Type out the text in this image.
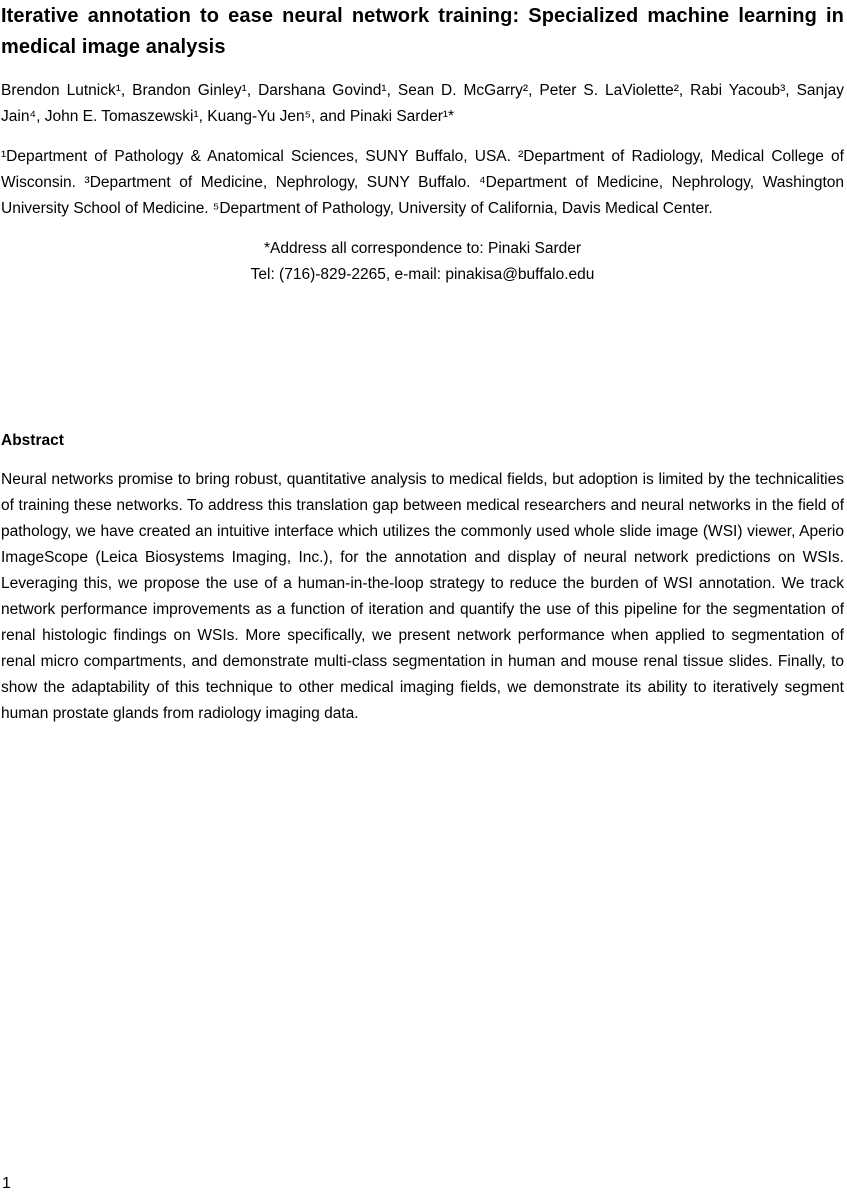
Iterative annotation to ease neural network training: Specialized machine learning in medical image analysis

Brendon Lutnick¹, Brandon Ginley¹, Darshana Govind¹, Sean D. McGarry², Peter S. LaViolette², Rabi Yacoub³, Sanjay Jain⁴, John E. Tomaszewski¹, Kuang-Yu Jen⁵, and Pinaki Sarder¹*

¹Department of Pathology & Anatomical Sciences, SUNY Buffalo, USA. ²Department of Radiology, Medical College of Wisconsin. ³Department of Medicine, Nephrology, SUNY Buffalo. ⁴Department of Medicine, Nephrology, Washington University School of Medicine. ⁵Department of Pathology, University of California, Davis Medical Center.

*Address all correspondence to: Pinaki Sarder

Tel: (716)-829-2265, e-mail: pinakisa@buffalo.edu

Abstract

Neural networks promise to bring robust, quantitative analysis to medical fields, but adoption is limited by the technicalities of training these networks. To address this translation gap between medical researchers and neural networks in the field of pathology, we have created an intuitive interface which utilizes the commonly used whole slide image (WSI) viewer, Aperio ImageScope (Leica Biosystems Imaging, Inc.), for the annotation and display of neural network predictions on WSIs. Leveraging this, we propose the use of a human-in-the-loop strategy to reduce the burden of WSI annotation. We track network performance improvements as a function of iteration and quantify the use of this pipeline for the segmentation of renal histologic findings on WSIs. More specifically, we present network performance when applied to segmentation of renal micro compartments, and demonstrate multi-class segmentation in human and mouse renal tissue slides. Finally, to show the adaptability of this technique to other medical imaging fields, we demonstrate its ability to iteratively segment human prostate glands from radiology imaging data.

1
